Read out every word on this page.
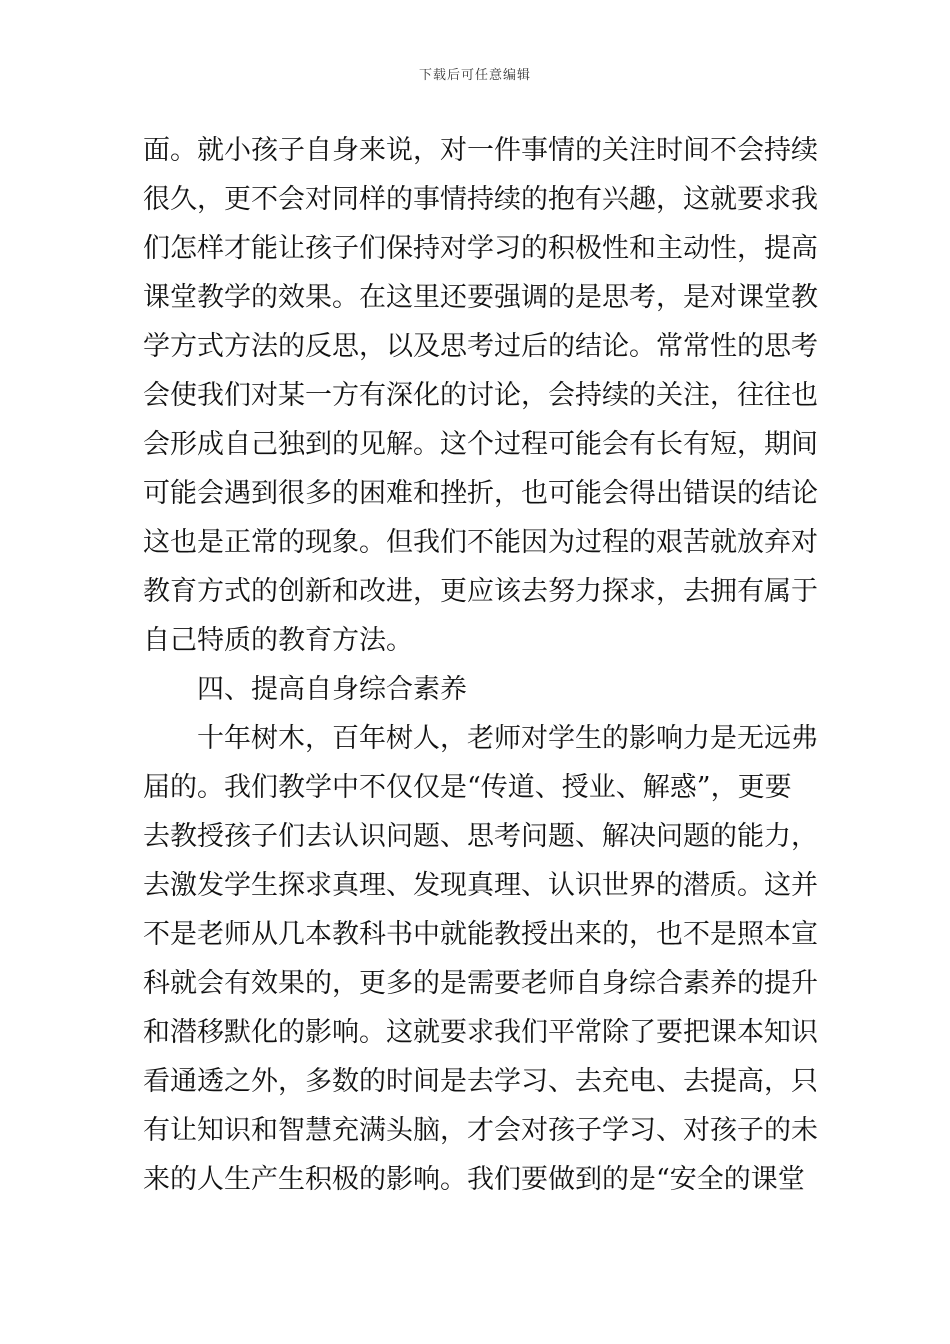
下载后可任意编辑
面。就小孩子自身来说，对一件事情的关注时间不会持续
很久，更不会对同样的事情持续的抱有兴趣，这就要求我
们怎样才能让孩子们保持对学习的积极性和主动性，提高
课堂教学的效果。在这里还要强调的是思考，是对课堂教
学方式方法的反思，以及思考过后的结论。常常性的思考
会使我们对某一方有深化的讨论，会持续的关注，往往也
会形成自己独到的见解。这个过程可能会有长有短，期间
可能会遇到很多的困难和挫折，也可能会得出错误的结论
这也是正常的现象。但我们不能因为过程的艰苦就放弃对
教育方式的创新和改进，更应该去努力探求，去拥有属于
自己特质的教育方法。
四、提高自身综合素养
十年树木，百年树人，老师对学生的影响力是无远弗
届的。我们教学中不仅仅是“传道、授业、解惑”，更要
去教授孩子们去认识问题、思考问题、解决问题的能力，
去激发学生探求真理、发现真理、认识世界的潜质。这并
不是老师从几本教科书中就能教授出来的，也不是照本宣
科就会有效果的，更多的是需要老师自身综合素养的提升
和潜移默化的影响。这就要求我们平常除了要把课本知识
看通透之外，多数的时间是去学习、去充电、去提高，只
有让知识和智慧充满头脑，才会对孩子学习、对孩子的未
来的人生产生积极的影响。我们要做到的是“安全的课堂
